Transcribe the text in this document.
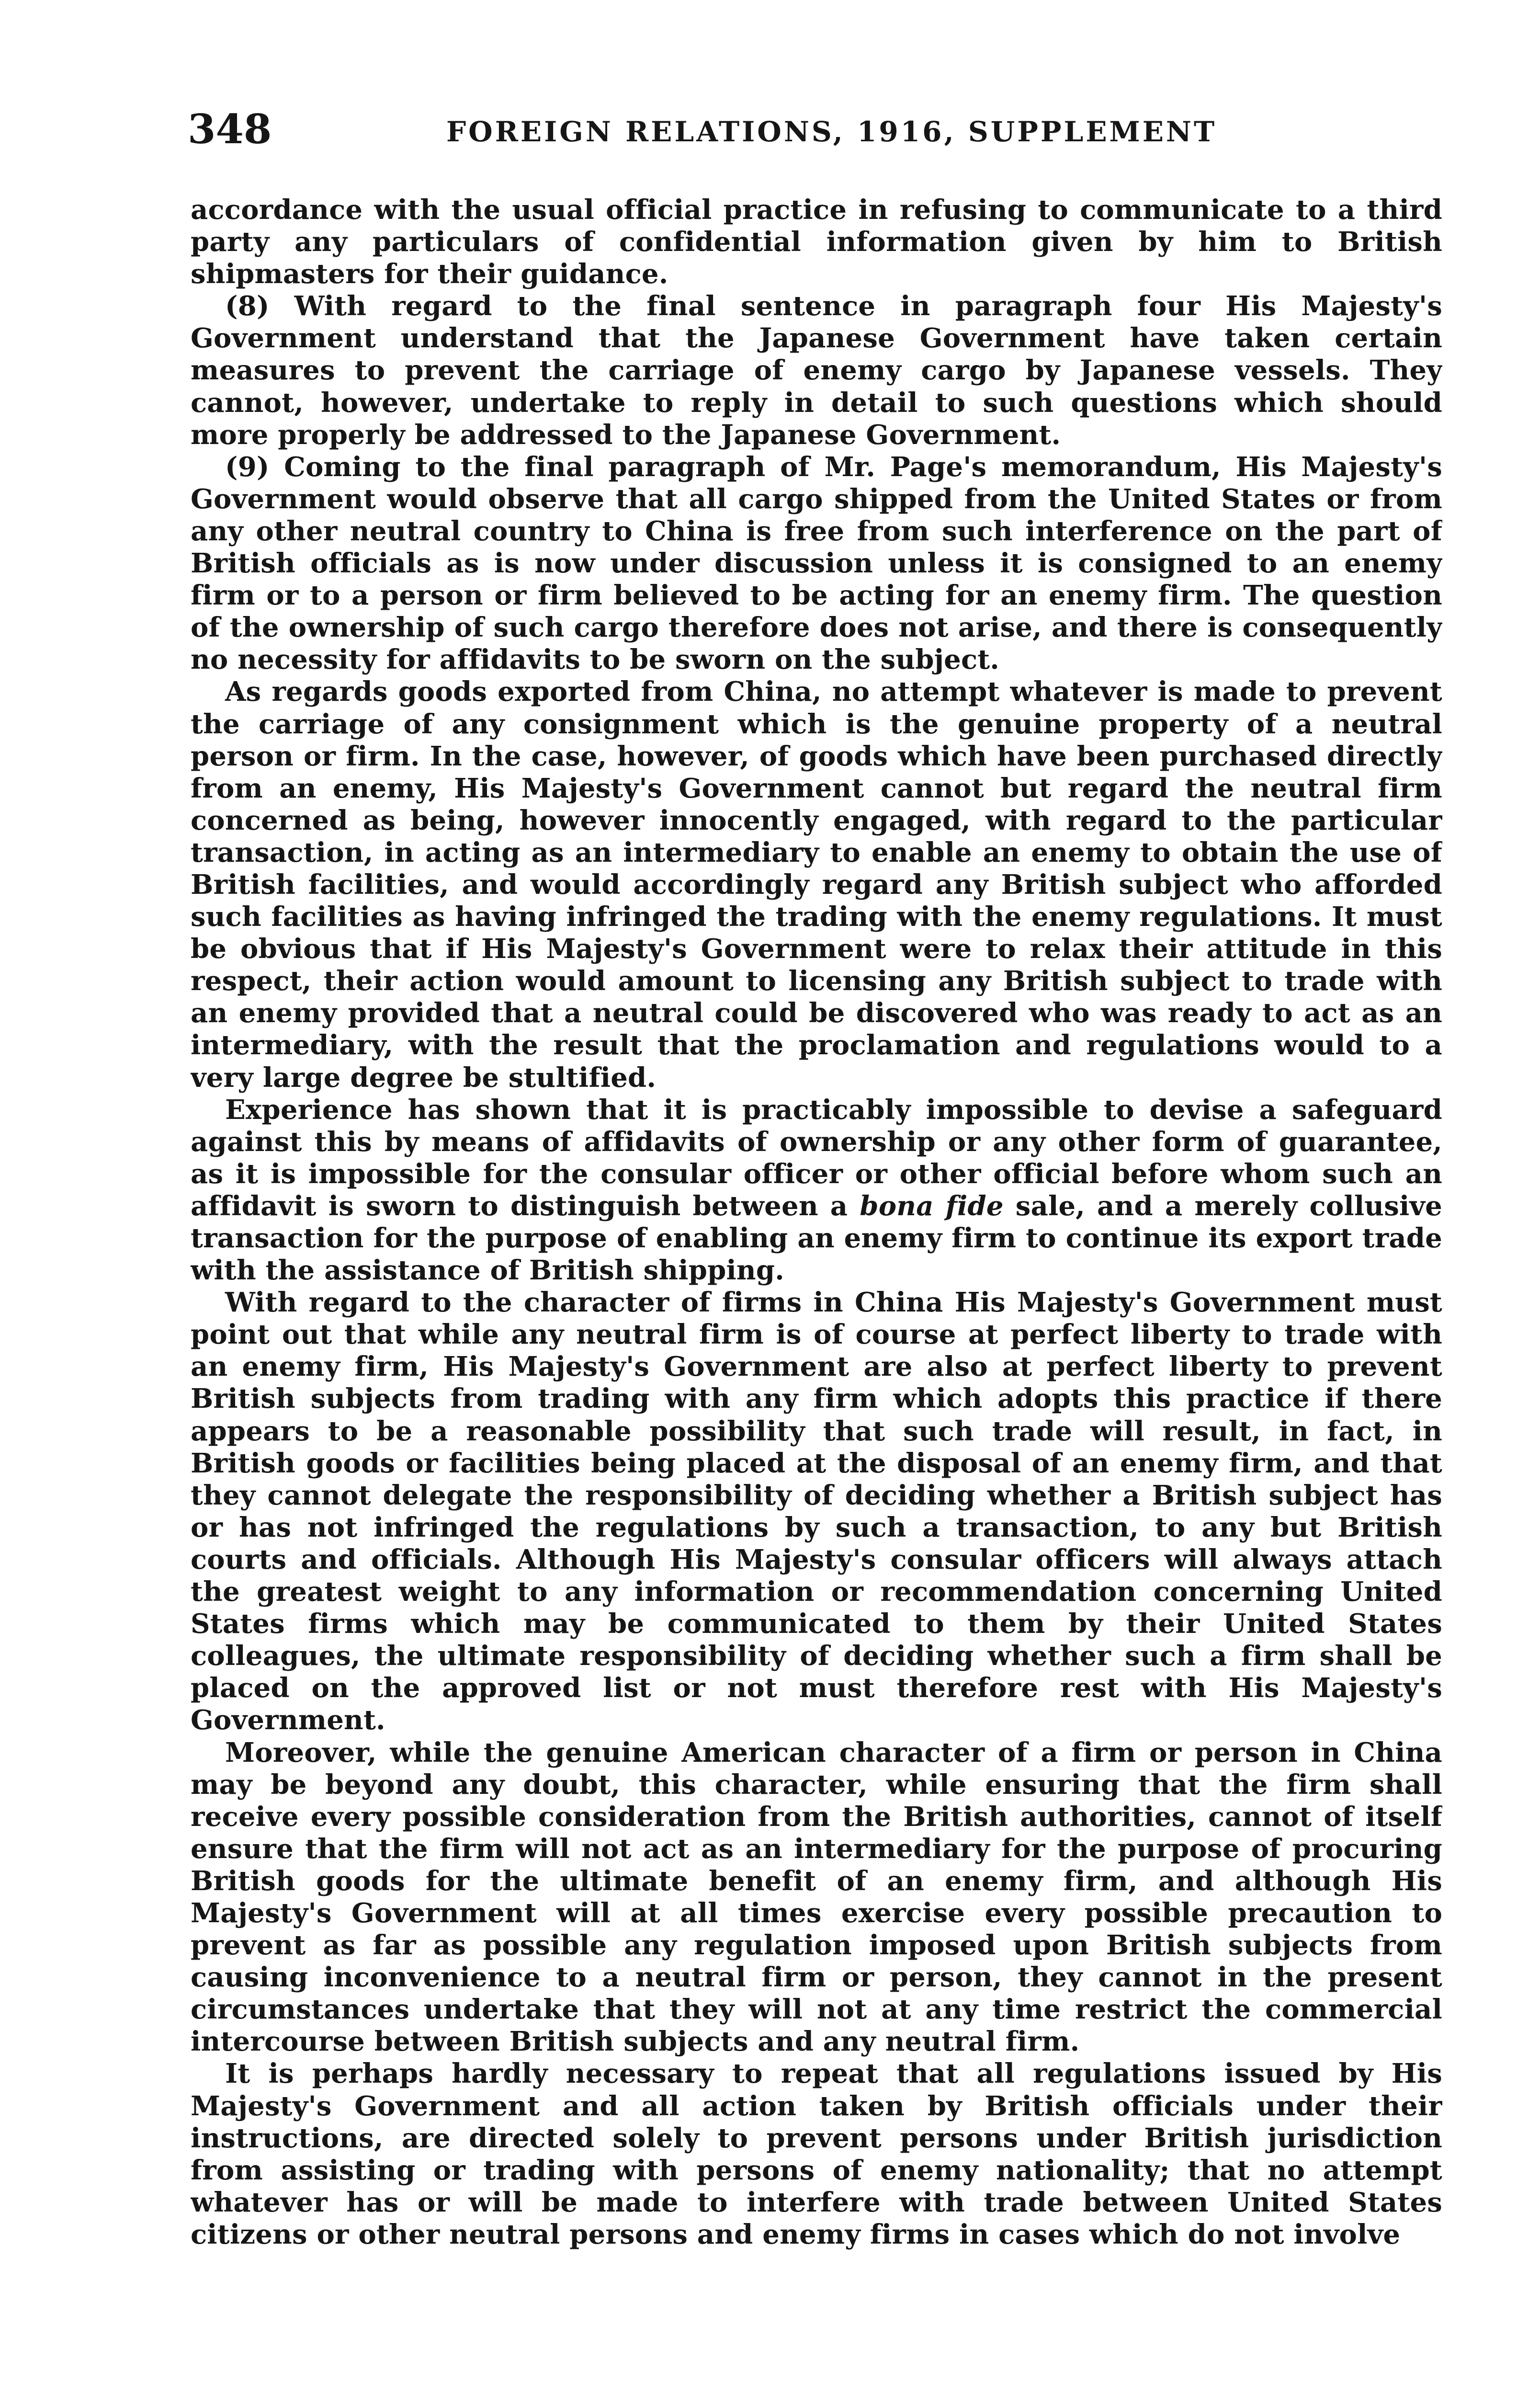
348	FOREIGN RELATIONS, 1916, SUPPLEMENT

accordance with the usual official practice in refusing to communicate to a third party any particulars of confidential information given by him to British shipmasters for their guidance.

(8) With regard to the final sentence in paragraph four His Majesty's Government understand that the Japanese Government have taken certain measures to prevent the carriage of enemy cargo by Japanese vessels. They cannot, however, undertake to reply in detail to such questions which should more properly be addressed to the Japanese Government.

(9) Coming to the final paragraph of Mr. Page's memorandum, His Majesty's Government would observe that all cargo shipped from the United States or from any other neutral country to China is free from such interference on the part of British officials as is now under discussion unless it is consigned to an enemy firm or to a person or firm believed to be acting for an enemy firm. The question of the ownership of such cargo therefore does not arise, and there is consequently no necessity for affidavits to be sworn on the subject.

As regards goods exported from China, no attempt whatever is made to prevent the carriage of any consignment which is the genuine property of a neutral person or firm. In the case, however, of goods which have been purchased directly from an enemy, His Majesty's Government cannot but regard the neutral firm concerned as being, however innocently engaged, with regard to the particular transaction, in acting as an intermediary to enable an enemy to obtain the use of British facilities, and would accordingly regard any British subject who afforded such facilities as having infringed the trading with the enemy regulations. It must be obvious that if His Majesty's Government were to relax their attitude in this respect, their action would amount to licensing any British subject to trade with an enemy provided that a neutral could be discovered who was ready to act as an intermediary, with the result that the proclamation and regulations would to a very large degree be stultified.

Experience has shown that it is practicably impossible to devise a safeguard against this by means of affidavits of ownership or any other form of guarantee, as it is impossible for the consular officer or other official before whom such an affidavit is sworn to distinguish between a bona fide sale, and a merely collusive transaction for the purpose of enabling an enemy firm to continue its export trade with the assistance of British shipping.

With regard to the character of firms in China His Majesty's Government must point out that while any neutral firm is of course at perfect liberty to trade with an enemy firm, His Majesty's Government are also at perfect liberty to prevent British subjects from trading with any firm which adopts this practice if there appears to be a reasonable possibility that such trade will result, in fact, in British goods or facilities being placed at the disposal of an enemy firm, and that they cannot delegate the responsibility of deciding whether a British subject has or has not infringed the regulations by such a transaction, to any but British courts and officials. Although His Majesty's consular officers will always attach the greatest weight to any information or recommendation concerning United States firms which may be communicated to them by their United States colleagues, the ultimate responsibility of deciding whether such a firm shall be placed on the approved list or not must therefore rest with His Majesty's Government.

Moreover, while the genuine American character of a firm or person in China may be beyond any doubt, this character, while ensuring that the firm shall receive every possible consideration from the British authorities, cannot of itself ensure that the firm will not act as an intermediary for the purpose of procuring British goods for the ultimate benefit of an enemy firm, and although His Majesty's Government will at all times exercise every possible precaution to prevent as far as possible any regulation imposed upon British subjects from causing inconvenience to a neutral firm or person, they cannot in the present circumstances undertake that they will not at any time restrict the commercial intercourse between British subjects and any neutral firm.

It is perhaps hardly necessary to repeat that all regulations issued by His Majesty's Government and all action taken by British officials under their instructions, are directed solely to prevent persons under British jurisdiction from assisting or trading with persons of enemy nationality; that no attempt whatever has or will be made to interfere with trade between United States citizens or other neutral persons and enemy firms in cases which do not involve
